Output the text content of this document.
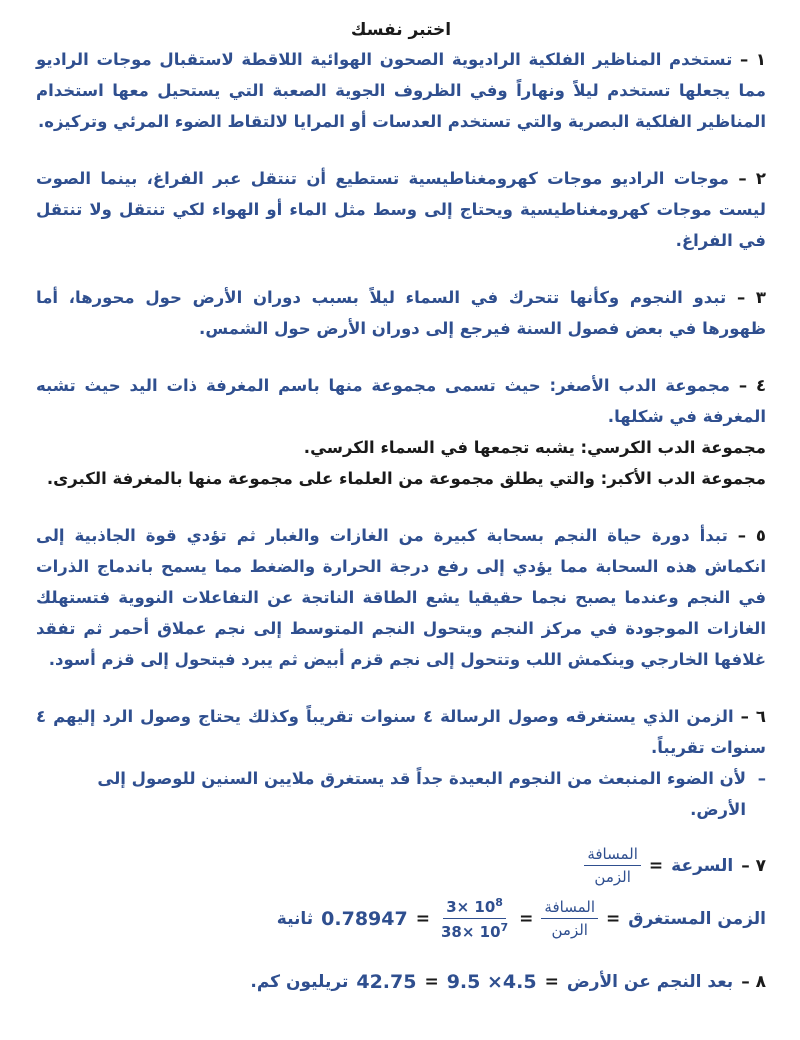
اختبر نفسك

١ – تستخدم المناظير الفلكية الراديوية الصحون الهوائية اللاقطة لاستقبال موجات الراديو مما يجعلها تستخدم ليلاً ونهاراً وفي الظروف الجوية الصعبة التي يستحيل معها استخدام المناظير الفلكية البصرية والتي تستخدم العدسات أو المرايا لالتقاط الضوء المرئي وتركيزه.

٢ – موجات الراديو موجات كهرومغناطيسية تستطيع أن تنتقل عبر الفراغ، بينما الصوت ليست موجات كهرومغناطيسية ويحتاج إلى وسط مثل الماء أو الهواء لكي تنتقل ولا تنتقل في الفراغ.

٣ – تبدو النجوم وكأنها تتحرك في السماء ليلاً بسبب دوران الأرض حول محورها، أما ظهورها في بعض فصول السنة فيرجع إلى دوران الأرض حول الشمس.

٤ – مجموعة الدب الأصغر: حيث تسمى مجموعة منها باسم المغرفة ذات اليد حيث تشبه المغرفة في شكلها.

مجموعة الدب الكرسي: يشبه تجمعها في السماء الكرسي.

مجموعة الدب الأكبر: والتي يطلق مجموعة من العلماء على مجموعة منها بالمغرفة الكبرى.

٥ – تبدأ دورة حياة النجم بسحابة كبيرة من الغازات والغبار ثم تؤدي قوة الجاذبية إلى انكماش هذه السحابة مما يؤدي إلى رفع درجة الحرارة والضغط مما يسمح باندماج الذرات في النجم وعندما يصبح نجما حقيقيا يشع الطاقة الناتجة عن التفاعلات النووية فتستهلك الغازات الموجودة في مركز النجم ويتحول النجم المتوسط إلى نجم عملاق أحمر ثم تفقد غلافها الخارجي وينكمش اللب وتتحول إلى نجم قزم أبيض ثم يبرد فيتحول إلى قزم أسود.

٦ – الزمن الذي يستغرقه وصول الرسالة ٤ سنوات تقريباً وكذلك يحتاج وصول الرد إليهم ٤ سنوات تقريباً.

–
لأن الضوء المنبعث من النجوم البعيدة جداً قد يستغرق ملايين السنين للوصول إلى الأرض.
٧ –
السرعة
=
$\frac{\text{المسافة}}{\text{الزمن}}$
الزمن المستغرق
=
$\frac{\text{المسافة}}{\text{الزمن}}$
=
$\frac{3\times 10^8}{38\times 10^7}$
=
0.78947
ثانية
٨ –
بعد النجم عن الأرض
=
9.5 ×4.5
=
42.75
تريليون كم.
